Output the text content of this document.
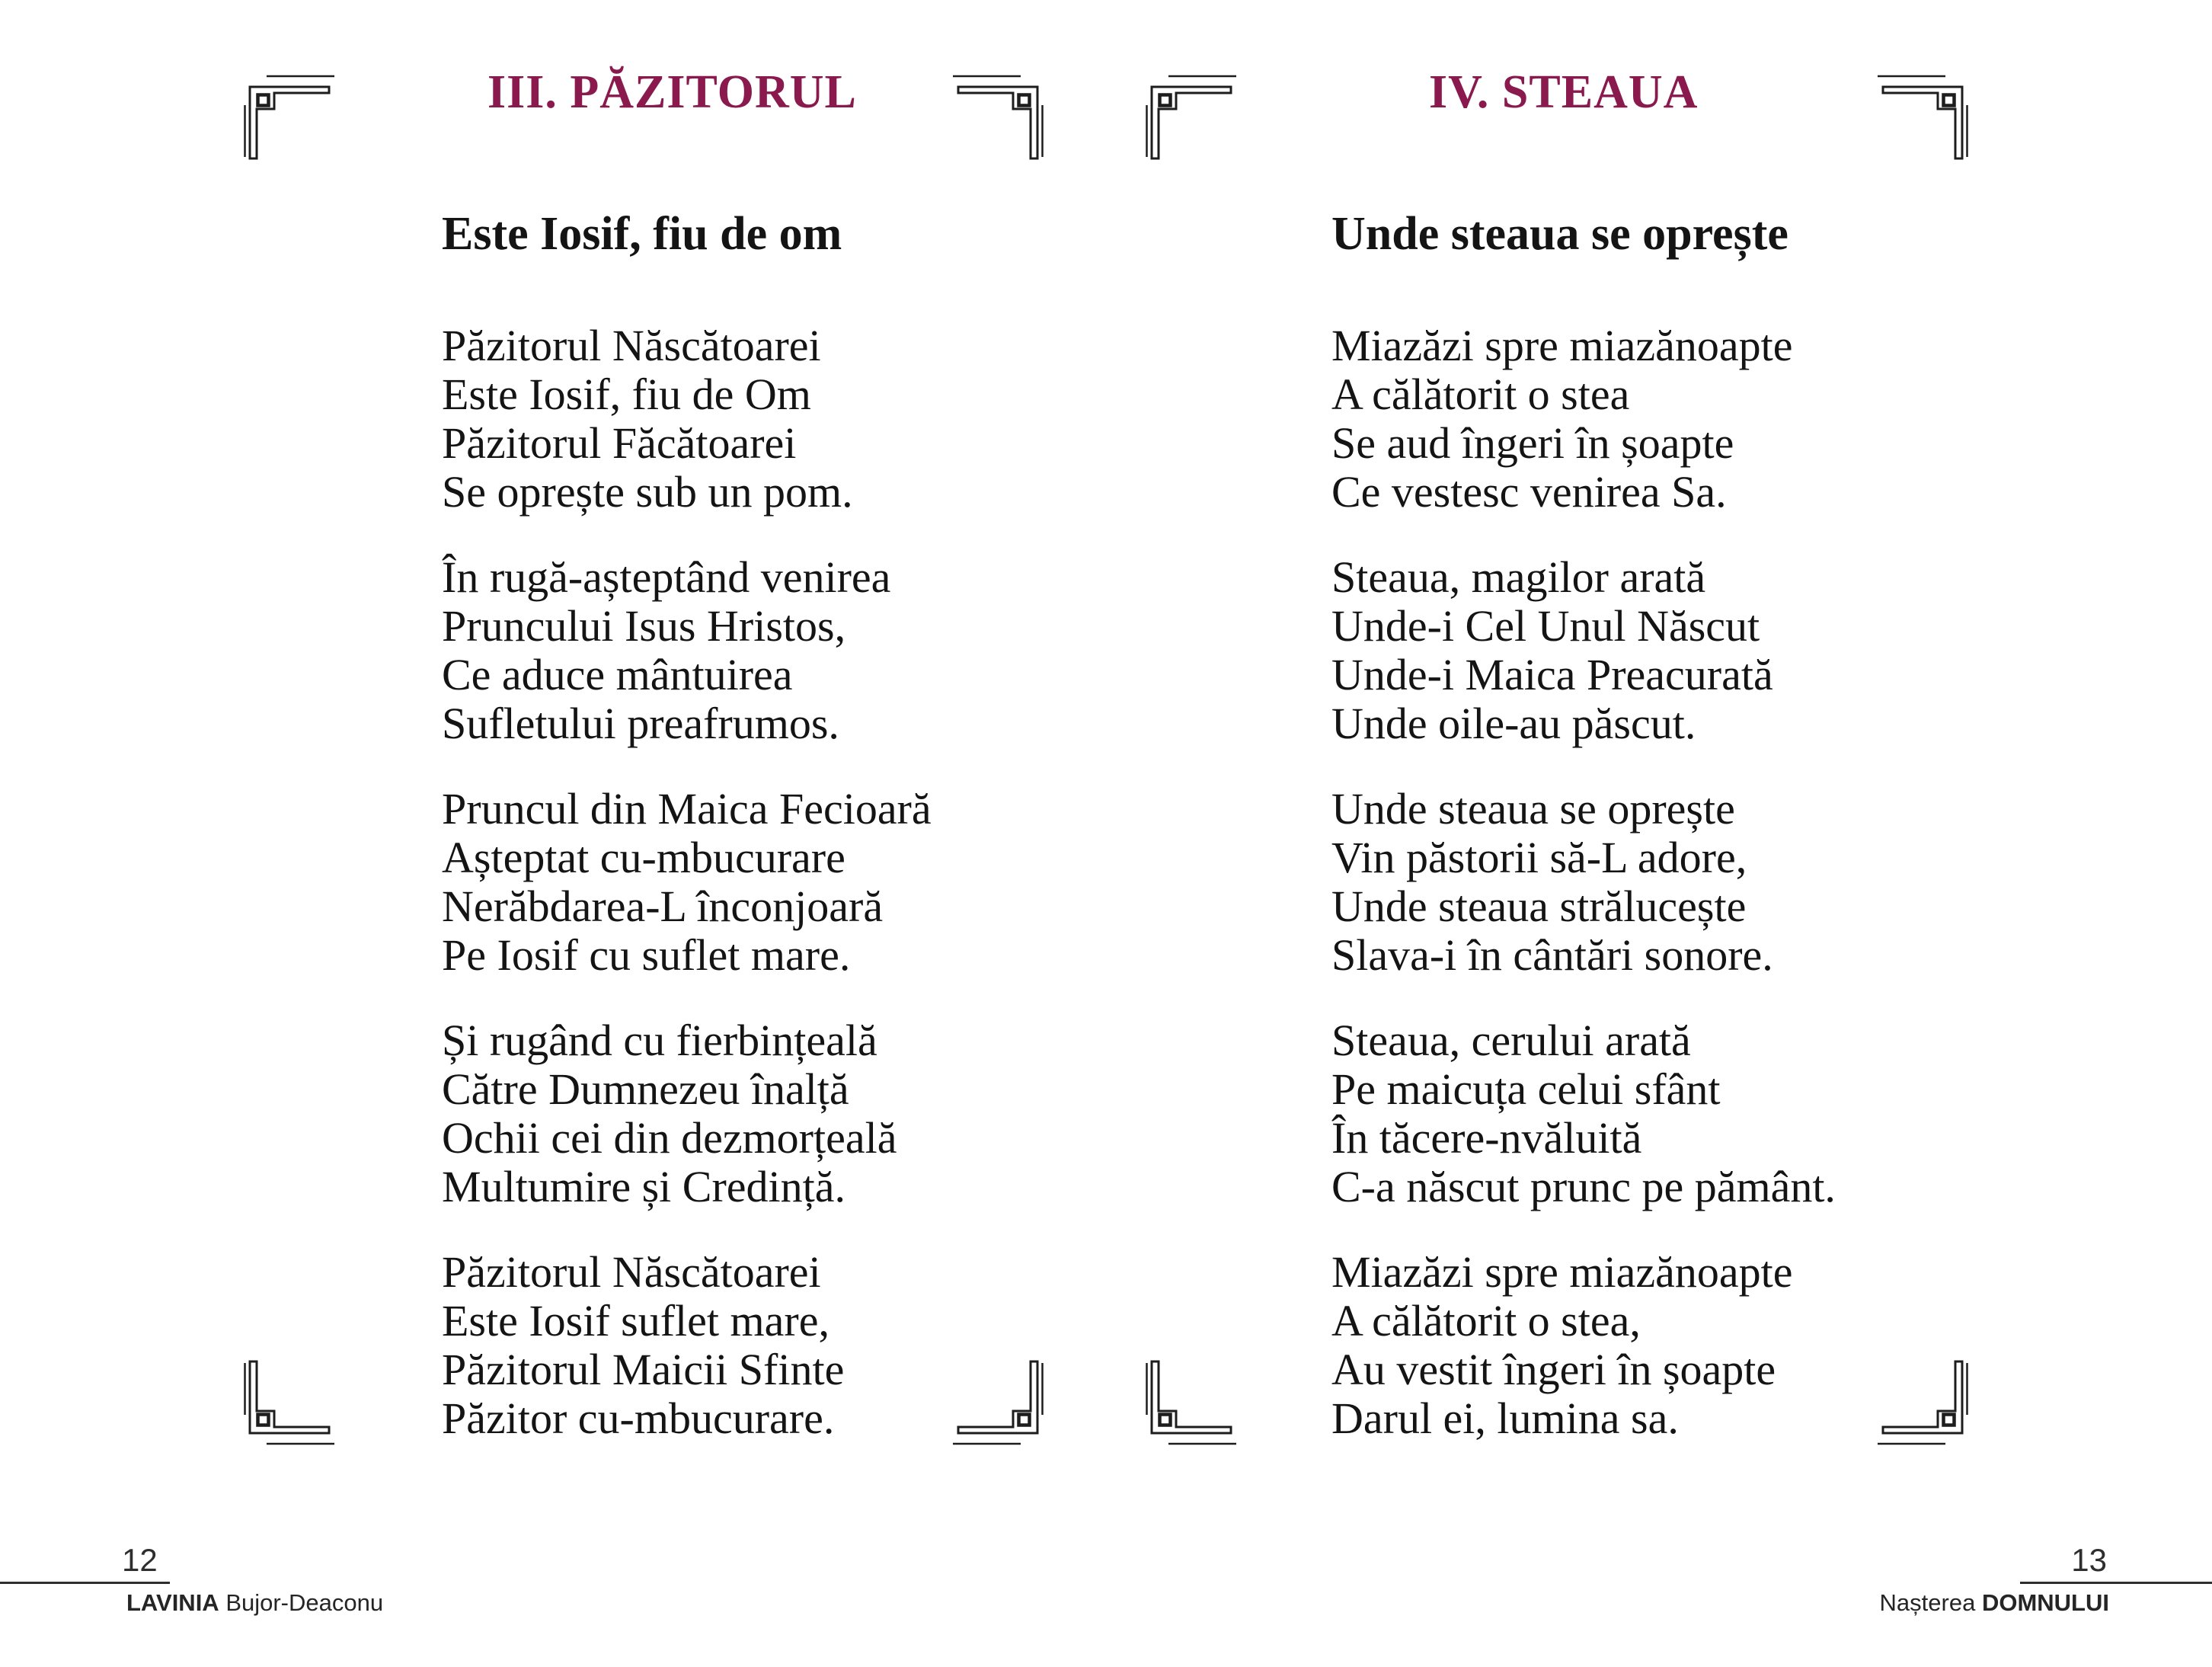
III. PĂZITORUL
Este Iosif, fiu de om
Păzitorul Născătoarei
Este Iosif, fiu de Om
Păzitorul Făcătoarei
Se oprește sub un pom.
În rugă-așteptând venirea
Pruncului Isus Hristos,
Ce aduce mântuirea
Sufletului preafrumos.
Pruncul din Maica Fecioară
Așteptat cu-mbucurare
Nerăbdarea-L înconjoară
Pe Iosif cu suflet mare.
Și rugând cu fierbințeală
Către Dumnezeu înalță
Ochii cei din dezmorțeală
Multumire și Credință.
Păzitorul Născătoarei
Este Iosif suflet mare,
Păzitorul Maicii Sfinte
Păzitor cu-mbucurare.
12
LAVINIA Bujor-Deaconu
IV. STEAUA
Unde steaua se oprește
Miazăzi spre miazănoapte
A călătorit o stea
Se aud îngeri în șoapte
Ce vestesc venirea Sa.
Steaua, magilor arată
Unde-i Cel Unul Născut
Unde-i Maica Preacurată
Unde oile-au păscut.
Unde steaua se oprește
Vin păstorii să-L adore,
Unde steaua strălucește
Slava-i în cântări sonore.
Steaua, cerului arată
Pe maicuța celui sfânt
În tăcere-nvăluită
C-a născut prunc pe pământ.
Miazăzi spre miazănoapte
A călătorit o stea,
Au vestit îngeri în șoapte
Darul ei, lumina sa.
13
Nașterea DOMNULUI
